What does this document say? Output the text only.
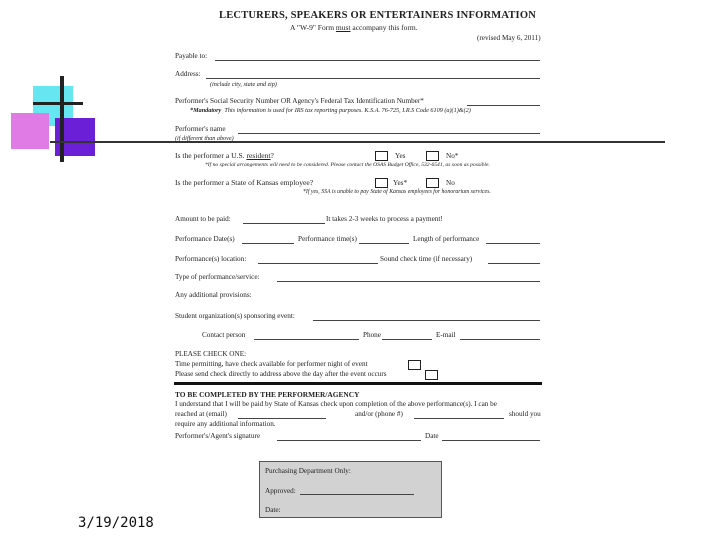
LECTURERS, SPEAKERS OR ENTERTAINERS INFORMATION
A "W-9" Form must accompany this form.
(revised May 6, 2011)
Payable to:
Address:
(include city, state and zip)
Performer's Social Security Number OR Agency's Federal Tax Identification Number*
*Mandatory This information is used for IRS tax reporting purposes. K.S.A. 76-725, I.R.S Code 6109 (a)(1)&(2)
Performer's name
(if different than above)
Is the performer a U.S. resident?	Yes	No*
*If no special arrangements will need to be considered. Please contact the OSAS Budget Office, 532-6541, as soon as possible.
Is the performer a State of Kansas employee?	Yes*	No
*If yes, SSA is unable to pay State of Kansas employees for honorarium services.
Amount to be paid:	It takes 2-3 weeks to process a payment!
Performance Date(s)	Performance time(s)	Length of performance
Performance(s) location:	Sound check time (if necessary)
Type of performance/service:
Any additional provisions:
Student organization(s) sponsoring event:
Contact person	Phone	E-mail
PLEASE CHECK ONE:
Time permitting, have check available for performer night of event
Please send check directly to address above the day after the event occurs
TO BE COMPLETED BY THE PERFORMER/AGENCY
I understand that I will be paid by State of Kansas check upon completion of the above performance(s). I can be
reached at (email)	and/or (phone #)	should you
require any additional information.
Performer's/Agent's signature	Date
Purchasing Department Only:
Approved:
Date:
3/19/2018
